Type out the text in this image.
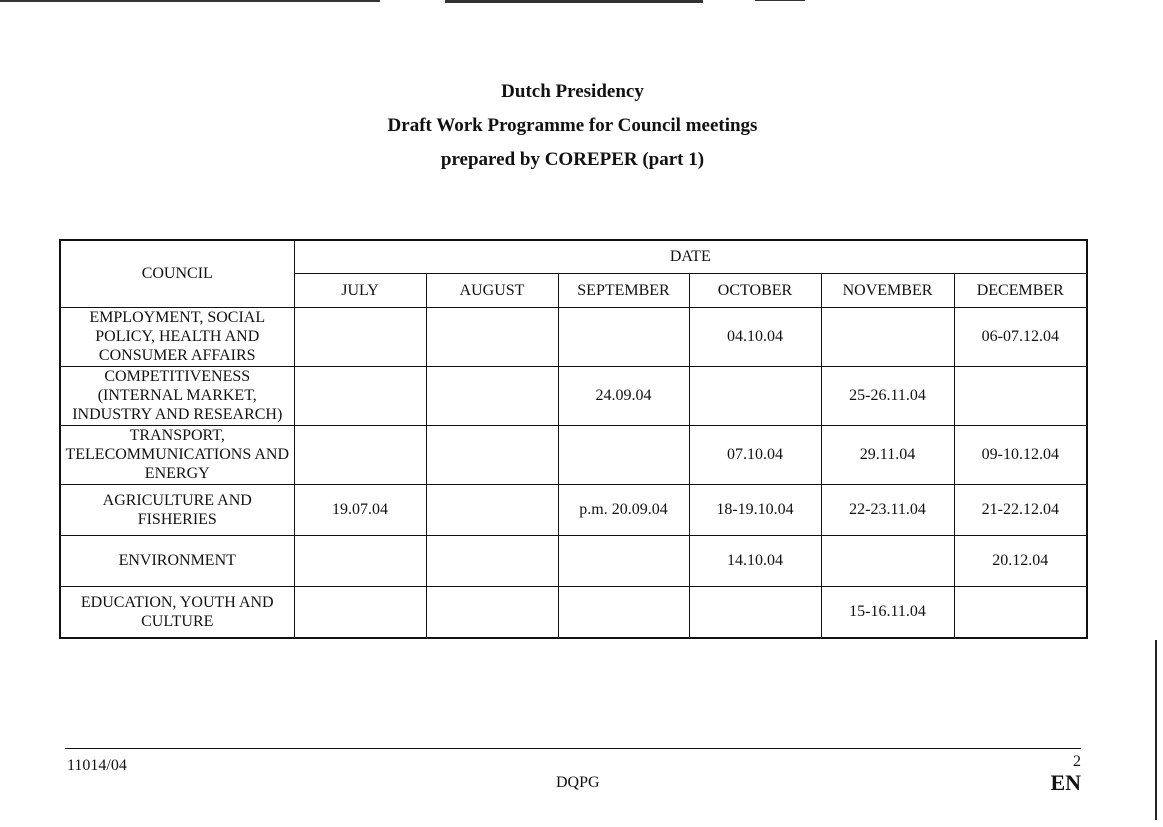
Dutch Presidency
Draft Work Programme for Council meetings
prepared by COREPER (part 1)
COUNCIL	DATE					
	JULY	AUGUST	SEPTEMBER	OCTOBER	NOVEMBER	DECEMBER
EMPLOYMENT, SOCIAL POLICY, HEALTH AND CONSUMER AFFAIRS				04.10.04		06-07.12.04
COMPETITIVENESS (INTERNAL MARKET, INDUSTRY AND RESEARCH)			24.09.04		25-26.11.04	
TRANSPORT, TELECOMMUNICATIONS AND ENERGY				07.10.04	29.11.04	09-10.12.04
AGRICULTURE AND FISHERIES	19.07.04		p.m. 20.09.04	18-19.10.04	22-23.11.04	21-22.12.04
ENVIRONMENT				14.10.04		20.12.04
EDUCATION, YOUTH AND CULTURE					15-16.11.04	
11014/04
DQPG
2
EN
